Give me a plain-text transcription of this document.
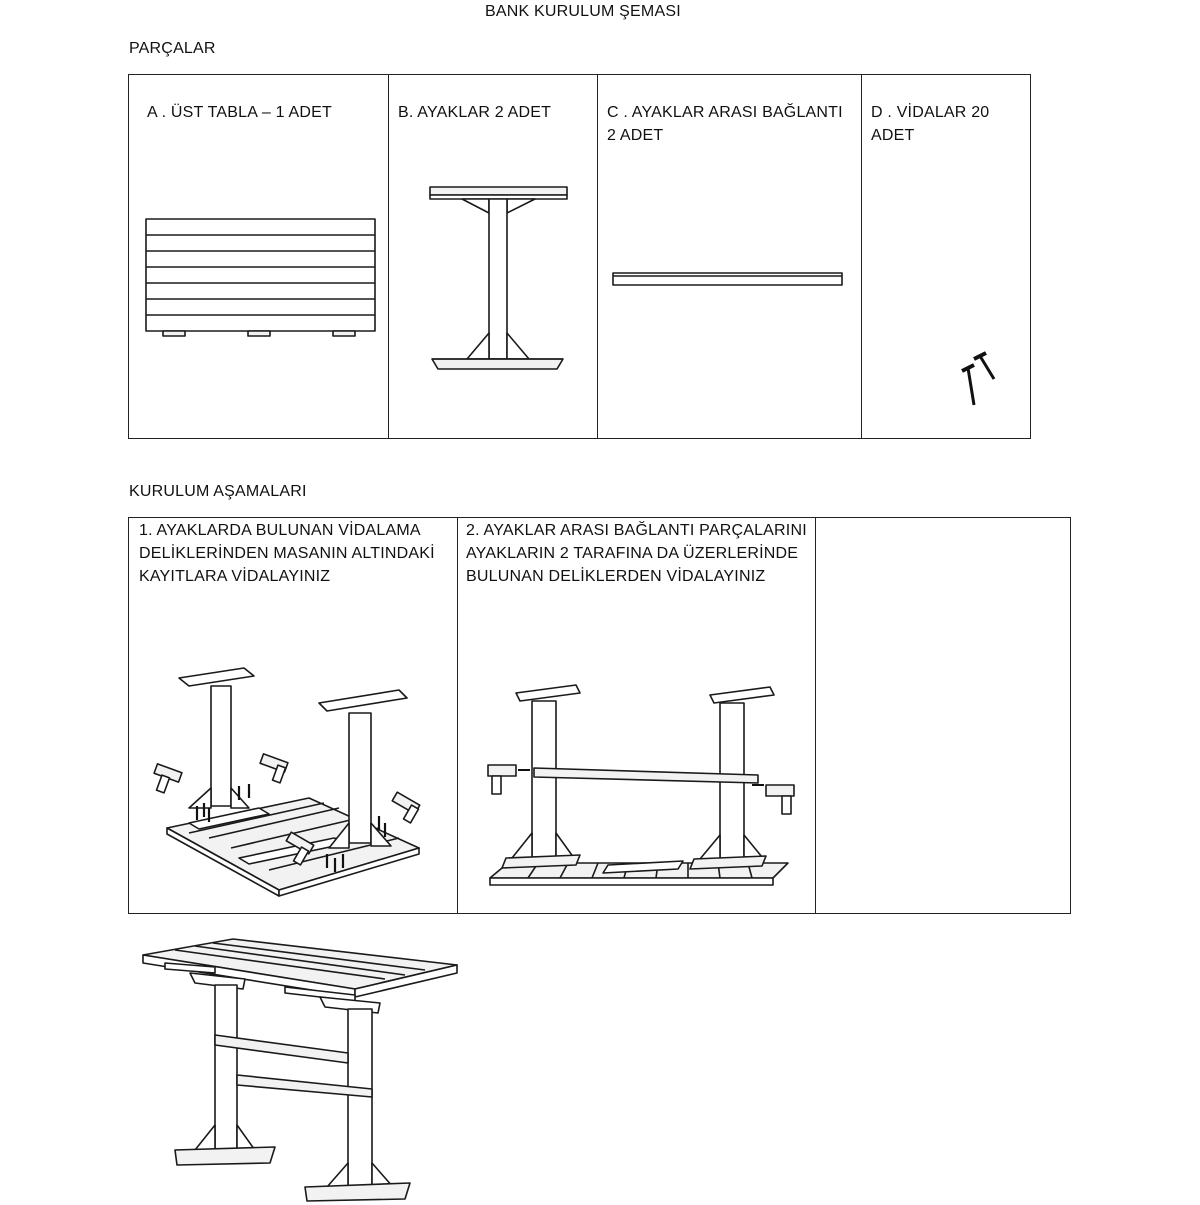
BANK KURULUM ŞEMASI
PARÇALAR
A . ÜST TABLA – 1 ADET	B. AYAKLAR 2 ADET	C . AYAKLAR ARASI BAĞLANTI
2 ADET
D . VİDALAR 20
ADET
KURULUM AŞAMALARI
1. AYAKLARDA BULUNAN VİDALAMA
DELİKLERİNDEN MASANIN ALTINDAKİ
KAYITLARA VİDALAYINIZ
2. AYAKLAR ARASI BAĞLANTI PARÇALARINI
AYAKLARIN 2 TARAFINA DA ÜZERLERİNDE
BULUNAN DELİKLERDEN VİDALAYINIZ
